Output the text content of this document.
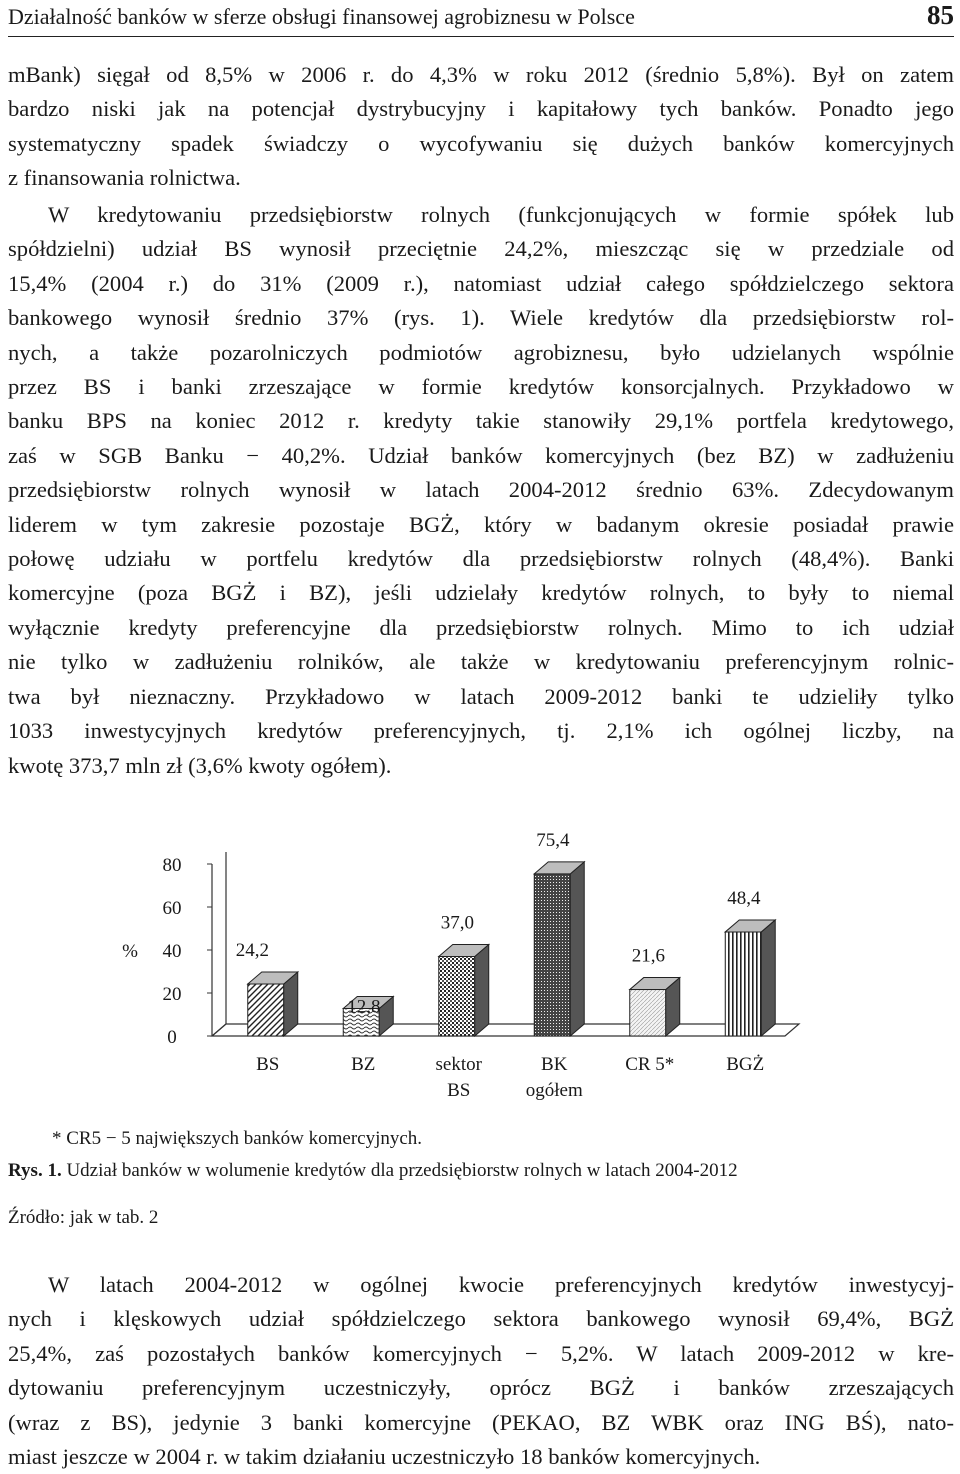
Działalność banków w sferze obsługi finansowej agrobiznesu w Polsce	85
mBank) sięgał od 8,5% w 2006 r. do 4,3% w roku 2012 (średnio 5,8%). Był on zatem
bardzo niski jak na potencjał dystrybucyjny i kapitałowy tych banków. Ponadto jego
systematyczny spadek świadczy o wycofywaniu się dużych banków komercyjnych
z finansowania rolnictwa.
W kredytowaniu przedsiębiorstw rolnych (funkcjonujących w formie spółek lub
spółdzielni) udział BS wynosił przeciętnie 24,2%, mieszcząc się w przedziale od
15,4% (2004 r.) do 31% (2009 r.), natomiast udział całego spółdzielczego sektora
bankowego wynosił średnio 37% (rys. 1). Wiele kredytów dla przedsiębiorstw rol-
nych, a także pozarolniczych podmiotów agrobiznesu, było udzielanych wspólnie
przez BS i banki zrzeszające w formie kredytów konsorcjalnych. Przykładowo w
banku BPS na koniec 2012 r. kredyty takie stanowiły 29,1% portfela kredytowego,
zaś w SGB Banku − 40,2%. Udział banków komercyjnych (bez BZ) w zadłużeniu
przedsiębiorstw rolnych wynosił w latach 2004-2012 średnio 63%. Zdecydowanym
liderem w tym zakresie pozostaje BGŻ, który w badanym okresie posiadał prawie
połowę udziału w portfelu kredytów dla przedsiębiorstw rolnych (48,4%). Banki
komercyjne (poza BGŻ i BZ), jeśli udzielały kredytów rolnych, to były to niemal
wyłącznie kredyty preferencyjne dla przedsiębiorstw rolnych. Mimo to ich udział
nie tylko w zadłużeniu rolników, ale także w kredytowaniu preferencyjnym rolnic-
twa był nieznaczny. Przykładowo w latach 2009-2012 banki te udzieliły tylko
1033 inwestycyjnych kredytów preferencyjnych, tj. 2,1% ich ogólnej liczby, na
kwotę 373,7 mln zł (3,6% kwoty ogółem).
0
20
40
60
80
%	24,2
BS
12,8
BZ
37,0
sektor
BS
75,4
BK
ogółem
21,6
CR 5*
48,4
BGŻ
* CR5 − 5 największych banków komercyjnych.
Rys. 1. Udział banków w wolumenie kredytów dla przedsiębiorstw rolnych w latach 2004-2012
Źródło: jak w tab. 2
W latach 2004-2012 w ogólnej kwocie preferencyjnych kredytów inwestycyj-
nych i klęskowych udział spółdzielczego sektora bankowego wynosił 69,4%, BGŻ
25,4%, zaś pozostałych banków komercyjnych − 5,2%. W latach 2009-2012 w kre-
dytowaniu preferencyjnym uczestniczyły, oprócz BGŻ i banków zrzeszających
(wraz z BS), jedynie 3 banki komercyjne (PEKAO, BZ WBK oraz ING BŚ), nato-
miast jeszcze w 2004 r. w takim działaniu uczestniczyło 18 banków komercyjnych.
